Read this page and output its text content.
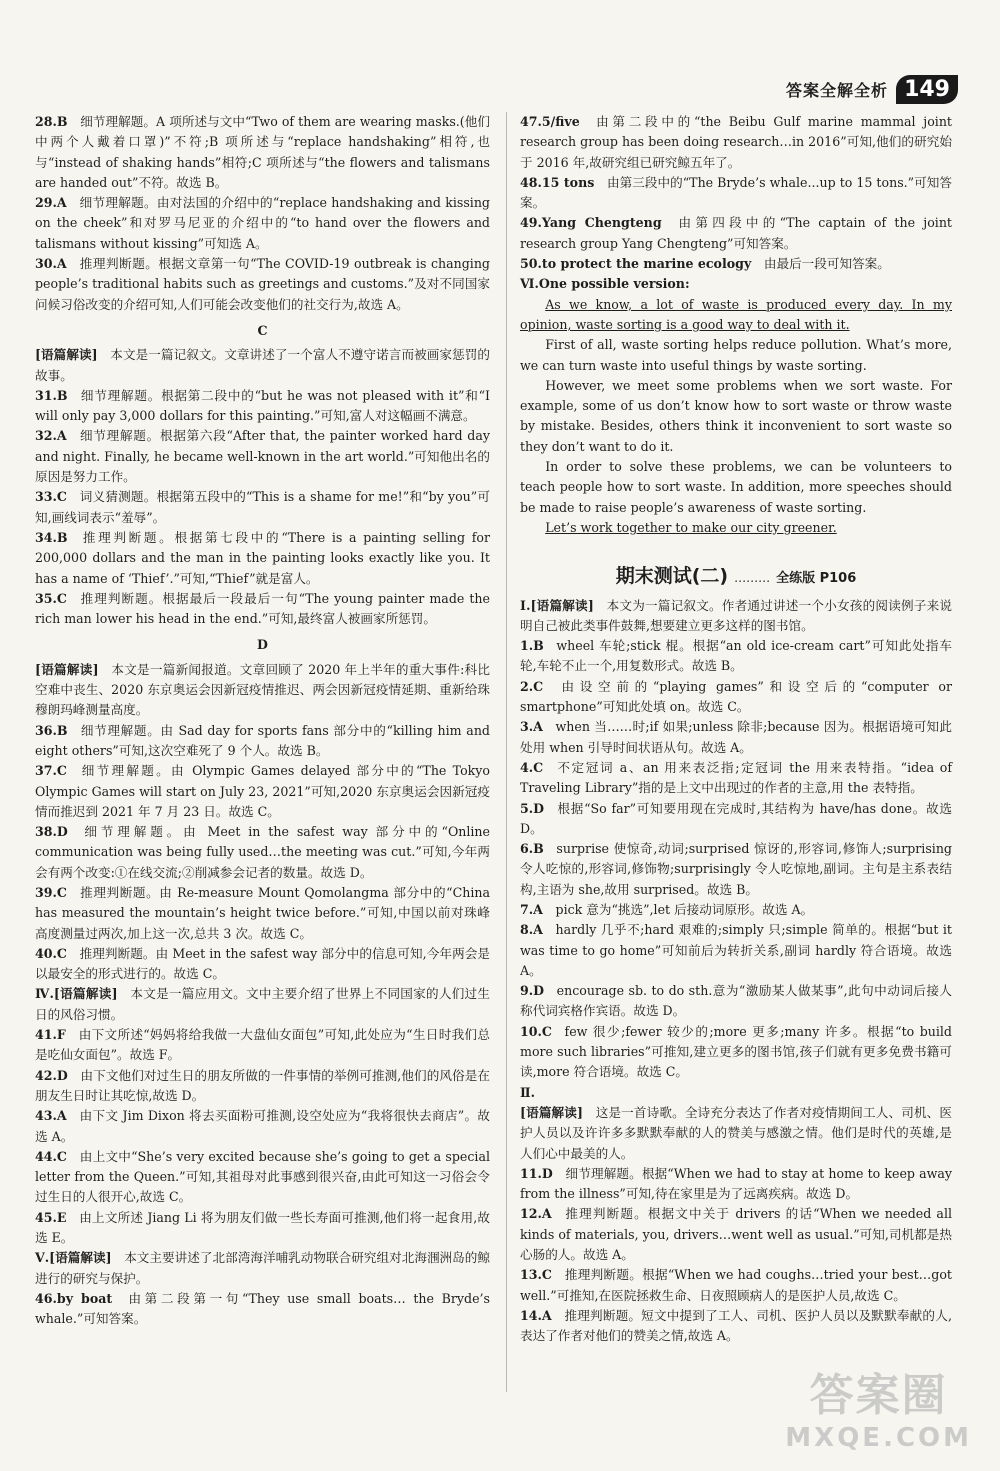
答案全解全析 149

28.B  细节理解题。A 项所述与文中“Two of them are wearing masks.(他们中两个人戴着口罩)”不符;B 项所述与“replace handshaking”相符,也与“instead of shaking hands”相符;C 项所述与“the flowers and talismans are handed out”不符。故选 B。

29.A  细节理解题。由对法国的介绍中的“replace handshaking and kissing on the cheek”和对罗马尼亚的介绍中的“to hand over the flowers and talismans without kissing”可知选 A。

30.A  推理判断题。根据文章第一句“The COVID-19 outbreak is changing people’s traditional habits such as greetings and customs.”及对不同国家问候习俗改变的介绍可知,人们可能会改变他们的社交行为,故选 A。

C

[语篇解读]  本文是一篇记叙文。文章讲述了一个富人不遵守诺言而被画家惩罚的故事。

31.B  细节理解题。根据第二段中的“but he was not pleased with it”和“I will only pay 3,000 dollars for this painting.”可知,富人对这幅画不满意。

32.A  细节理解题。根据第六段“After that, the painter worked hard day and night. Finally, he became well-known in the art world.”可知他出名的原因是努力工作。

33.C  词义猜测题。根据第五段中的“This is a shame for me!”和“by you”可知,画线词表示“羞辱”。

34.B  推理判断题。根据第七段中的“There is a painting selling for 200,000 dollars and the man in the painting looks exactly like you. It has a name of ‘Thief’.”可知,“Thief”就是富人。

35.C  推理判断题。根据最后一段最后一句“The young painter made the rich man lower his head in the end.”可知,最终富人被画家所惩罚。

D

[语篇解读]  本文是一篇新闻报道。文章回顾了 2020 年上半年的重大事件:科比空难中丧生、2020 东京奥运会因新冠疫情推迟、两会因新冠疫情延期、重新给珠穆朗玛峰测量高度。

36.B  细节理解题。由 Sad day for sports fans 部分中的“killing him and eight others”可知,这次空难死了 9 个人。故选 B。

37.C  细节理解题。由 Olympic Games delayed 部分中的“The Tokyo Olympic Games will start on July 23, 2021”可知,2020 东京奥运会因新冠疫情而推迟到 2021 年 7 月 23 日。故选 C。

38.D  细节理解题。由 Meet in the safest way 部分中的“Online communication was being fully used…the meeting was cut.”可知,今年两会有两个改变:①在线交流;②削减参会记者的数量。故选 D。

39.C  推理判断题。由 Re-measure Mount Qomolangma 部分中的“China has measured the mountain’s height twice before.”可知,中国以前对珠峰高度测量过两次,加上这一次,总共 3 次。故选 C。

40.C  推理判断题。由 Meet in the safest way 部分中的信息可知,今年两会是以最安全的形式进行的。故选 C。

Ⅳ.[语篇解读]  本文是一篇应用文。文中主要介绍了世界上不同国家的人们过生日的风俗习惯。

41.F  由下文所述“妈妈将给我做一大盘仙女面包”可知,此处应为“生日时我们总是吃仙女面包”。故选 F。

42.D  由下文他们对过生日的朋友所做的一件事情的举例可推测,他们的风俗是在朋友生日时让其吃惊,故选 D。

43.A  由下文 Jim Dixon 将去买面粉可推测,设空处应为“我将很快去商店”。故选 A。

44.C  由上文中“She’s very excited because she’s going to get a special letter from the Queen.”可知,其祖母对此事感到很兴奋,由此可知这一习俗会令过生日的人很开心,故选 C。

45.E  由上文所述 Jiang Li 将为朋友们做一些长寿面可推测,他们将一起食用,故选 E。

Ⅴ.[语篇解读]  本文主要讲述了北部湾海洋哺乳动物联合研究组对北海涠洲岛的鲸进行的研究与保护。

46.by boat  由第二段第一句“They use small boats… the Bryde’s whale.”可知答案。

47.5/five  由第二段中的“the Beibu Gulf marine mammal joint research group has been doing research…in 2016”可知,他们的研究始于 2016 年,故研究组已研究鲸五年了。

48.15 tons  由第三段中的“The Bryde’s whale...up to 15 tons.”可知答案。

49.Yang Chengteng  由第四段中的“The captain of the joint research group Yang Chengteng”可知答案。

50.to protect the marine ecology  由最后一段可知答案。

Ⅵ.One possible version: 

As we know, a lot of waste is produced every day. In my opinion, waste sorting is a good way to deal with it.

First of all, waste sorting helps reduce pollution. What’s more, we can turn waste into useful things by waste sorting.

However, we meet some problems when we sort waste. For example, some of us don’t know how to sort waste or throw waste by mistake. Besides, others think it inconvenient to sort waste so they don’t want to do it.

In order to solve these problems, we can be volunteers to teach people how to sort waste. In addition, more speeches should be made to raise people’s awareness of waste sorting.

Let’s work together to make our city greener.

期末测试(二) ……… 全练版 P106

Ⅰ.[语篇解读]  本文为一篇记叙文。作者通过讲述一个小女孩的阅读例子来说明自己被此类事件鼓舞,想要建立更多这样的图书馆。

1.B  wheel 车轮;stick 棍。根据“an old ice-cream cart”可知此处指车轮,车轮不止一个,用复数形式。故选 B。

2.C  由设空前的“playing games”和设空后的“computer or smartphone”可知此处填 on。故选 C。

3.A  when 当……时;if 如果;unless 除非;because 因为。根据语境可知此处用 when 引导时间状语从句。故选 A。

4.C  不定冠词 a、an 用来表泛指;定冠词 the 用来表特指。“idea of Traveling Library”指的是上文中出现过的作者的主意,用 the 表特指。

5.D  根据“So far”可知要用现在完成时,其结构为 have/has done。故选 D。

6.B  surprise 使惊奇,动词;surprised 惊讶的,形容词,修饰人;surprising 令人吃惊的,形容词,修饰物;surprisingly 令人吃惊地,副词。主句是主系表结构,主语为 she,故用 surprised。故选 B。

7.A  pick 意为“挑选”,let 后接动词原形。故选 A。

8.A  hardly 几乎不;hard 艰难的;simply 只;simple 简单的。根据“but it was time to go home”可知前后为转折关系,副词 hardly 符合语境。故选 A。

9.D  encourage sb. to do sth.意为“激励某人做某事”,此句中动词后接人称代词宾格作宾语。故选 D。

10.C  few 很少;fewer 较少的;more 更多;many 许多。根据“to build more such libraries”可推知,建立更多的图书馆,孩子们就有更多免费书籍可读,more 符合语境。故选 C。

Ⅱ. 

[语篇解读]  这是一首诗歌。全诗充分表达了作者对疫情期间工人、司机、医护人员以及许许多多默默奉献的人的赞美与感激之情。他们是时代的英雄,是人们心中最美的人。

11.D  细节理解题。根据“When we had to stay at home to keep away from the illness”可知,待在家里是为了远离疾病。故选 D。

12.A  推理判断题。根据文中关于 drivers 的话“When we needed all kinds of materials, you, drivers…went well as usual.”可知,司机都是热心肠的人。故选 A。

13.C  推理判断题。根据“When we had coughs…tried your best…got well.”可推知,在医院拯救生命、日夜照顾病人的是医护人员,故选 C。

14.A  推理判断题。短文中提到了工人、司机、医护人员以及默默奉献的人,表达了作者对他们的赞美之情,故选 A。

答案圈
MXQE.COM
